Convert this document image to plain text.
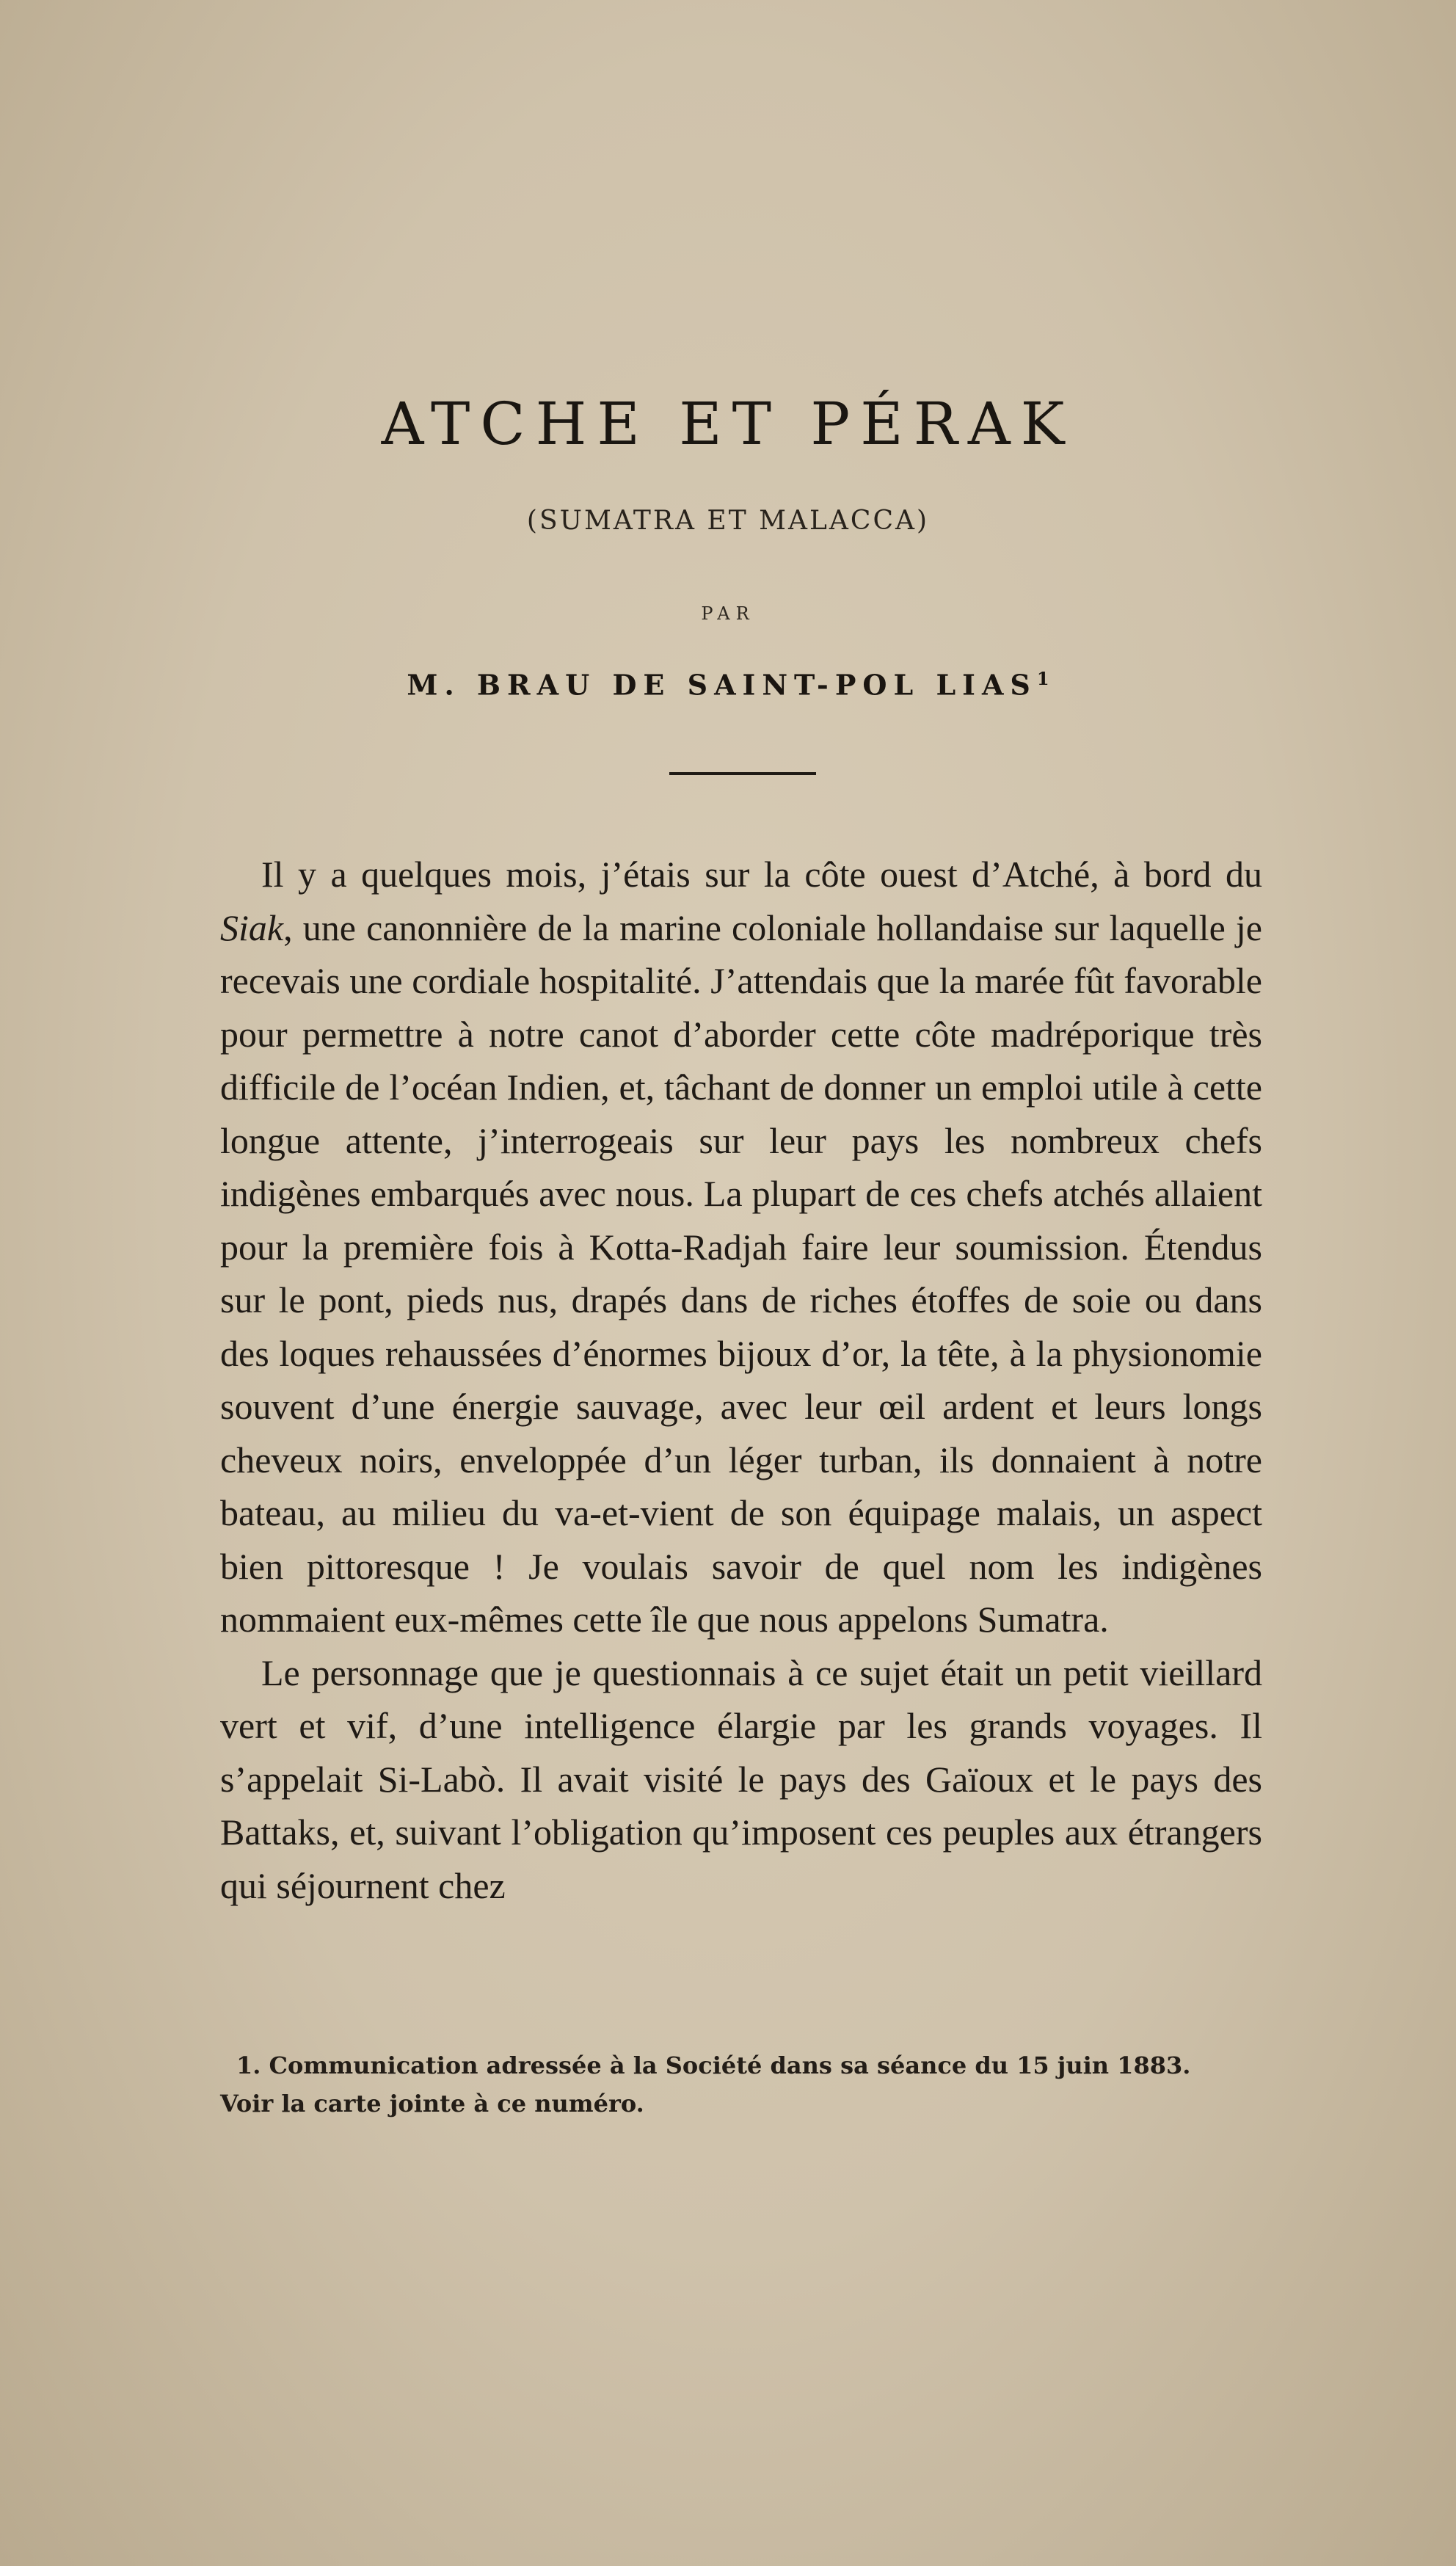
ATCHE ET PÉRAK
(SUMATRA ET MALACCA)
PAR
M. BRAU DE SAINT-POL LIAS$^1$

Il y a quelques mois, j’étais sur la côte ouest d’Atché, à bord du Siak, une canonnière de la marine coloniale hollandaise sur laquelle je recevais une cordiale hospitalité. J’attendais que la marée fût favorable pour permettre à notre canot d’aborder cette côte madréporique très difficile de l’océan Indien, et, tâchant de donner un emploi utile à cette longue attente, j’interrogeais sur leur pays les nombreux chefs indigènes embarqués avec nous. La plupart de ces chefs atchés allaient pour la première fois à Kotta-Radjah faire leur soumission. Étendus sur le pont, pieds nus, drapés dans de riches étoffes de soie ou dans des loques rehaussées d’énormes bijoux d’or, la tête, à la physionomie souvent d’une énergie sauvage, avec leur œil ardent et leurs longs cheveux noirs, enveloppée d’un léger turban, ils donnaient à notre bateau, au milieu du va-et-vient de son équipage malais, un aspect bien pittoresque ! Je voulais savoir de quel nom les indigènes nommaient eux-mêmes cette île que nous appelons Sumatra.

Le personnage que je questionnais à ce sujet était un petit vieillard vert et vif, d’une intelligence élargie par les grands voyages. Il s’appelait Si-Labò. Il avait visité le pays des Gaïoux et le pays des Battaks, et, suivant l’obligation qu’imposent ces peuples aux étrangers qui séjournent chez

1. Communication adressée à la Société dans sa séance du 15 juin 1883.

Voir la carte jointe à ce numéro.
